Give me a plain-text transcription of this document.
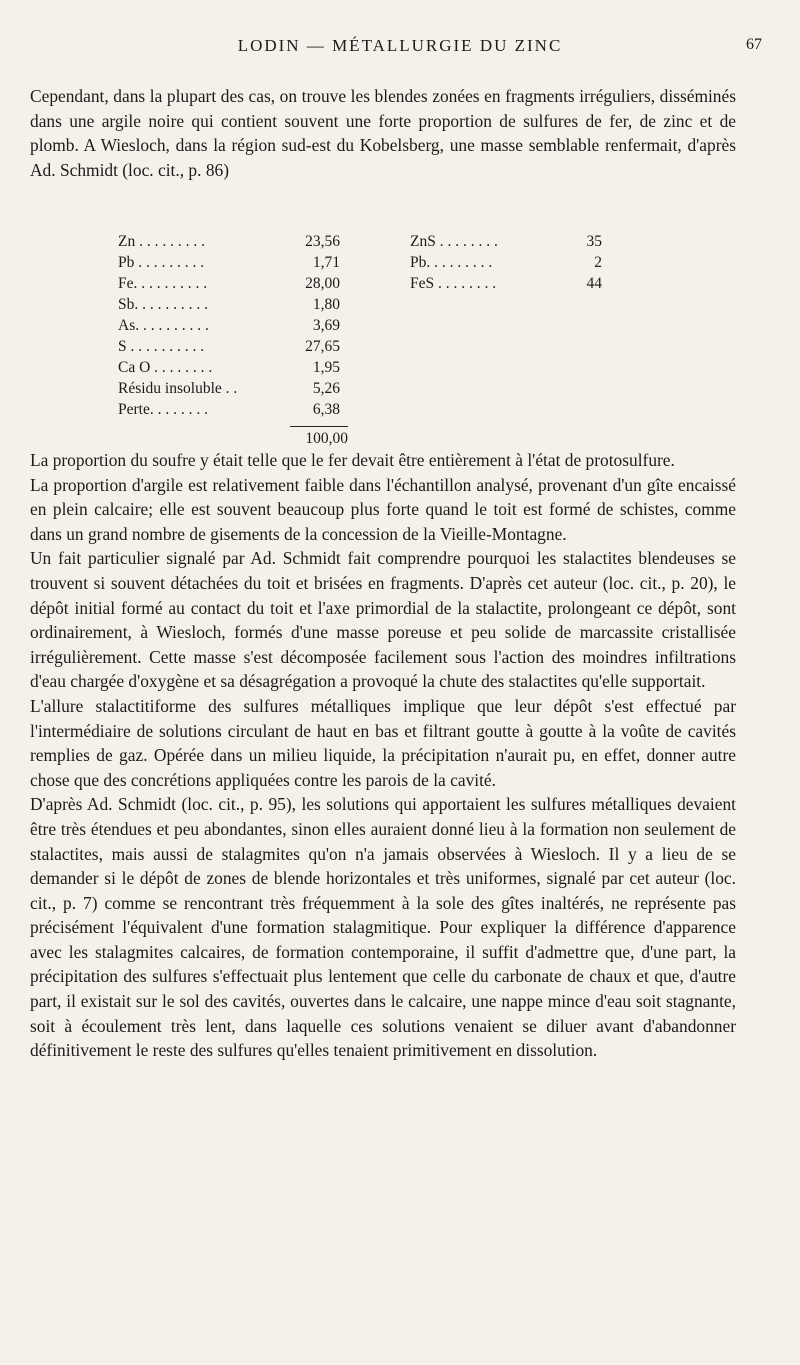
LODIN — MÉTALLURGIE DU ZINC	67

Cependant, dans la plupart des cas, on trouve les blendes zonées en fragments irréguliers, disséminés dans une argile noire qui contient souvent une forte proportion de sulfures de fer, de zinc et de plomb. A Wiesloch, dans la région sud-est du Kobelsberg, une masse semblable renfermait, d'après Ad. Schmidt (loc. cit., p. 86)

Zn . . . . . . . . .	23,56
Pb . . . . . . . . .	1,71
Fe. . . . . . . . . .	28,00
Sb. . . . . . . . . .	1,80
As. . . . . . . . . .	3,69
S . . . . . . . . . .	27,65
Ca O . . . . . . . .	1,95
Résidu insoluble . .	5,26
Perte. . . . . . . .	6,38
100,00
ZnS . . . . . . . .	35
Pb. . . . . . . . .	2
FeS . . . . . . . .	44

La proportion du soufre y était telle que le fer devait être entièrement à l'état de protosulfure.

La proportion d'argile est relativement faible dans l'échantillon analysé, provenant d'un gîte encaissé en plein calcaire; elle est souvent beaucoup plus forte quand le toit est formé de schistes, comme dans un grand nombre de gisements de la concession de la Vieille-Montagne.

Un fait particulier signalé par Ad. Schmidt fait comprendre pourquoi les stalactites blendeuses se trouvent si souvent détachées du toit et brisées en fragments. D'après cet auteur (loc. cit., p. 20), le dépôt initial formé au contact du toit et l'axe primordial de la stalactite, prolongeant ce dépôt, sont ordinairement, à Wiesloch, formés d'une masse poreuse et peu solide de marcassite cristallisée irrégulièrement. Cette masse s'est décomposée facilement sous l'action des moindres infiltrations d'eau chargée d'oxygène et sa désagrégation a provoqué la chute des stalactites qu'elle supportait.

L'allure stalactitiforme des sulfures métalliques implique que leur dépôt s'est effectué par l'intermédiaire de solutions circulant de haut en bas et filtrant goutte à goutte à la voûte de cavités remplies de gaz. Opérée dans un milieu liquide, la précipitation n'aurait pu, en effet, donner autre chose que des concrétions appliquées contre les parois de la cavité.

D'après Ad. Schmidt (loc. cit., p. 95), les solutions qui apportaient les sulfures métalliques devaient être très étendues et peu abondantes, sinon elles auraient donné lieu à la formation non seulement de stalactites, mais aussi de stalagmites qu'on n'a jamais observées à Wiesloch. Il y a lieu de se demander si le dépôt de zones de blende horizontales et très uniformes, signalé par cet auteur (loc. cit., p. 7) comme se rencontrant très fréquemment à la sole des gîtes inaltérés, ne représente pas précisément l'équivalent d'une formation stalagmitique. Pour expliquer la différence d'apparence avec les stalagmites calcaires, de formation contemporaine, il suffit d'admettre que, d'une part, la précipitation des sulfures s'effectuait plus lentement que celle du carbonate de chaux et que, d'autre part, il existait sur le sol des cavités, ouvertes dans le calcaire, une nappe mince d'eau soit stagnante, soit à écoulement très lent, dans laquelle ces solutions venaient se diluer avant d'abandonner définitivement le reste des sulfures qu'elles tenaient primitivement en dissolution.
